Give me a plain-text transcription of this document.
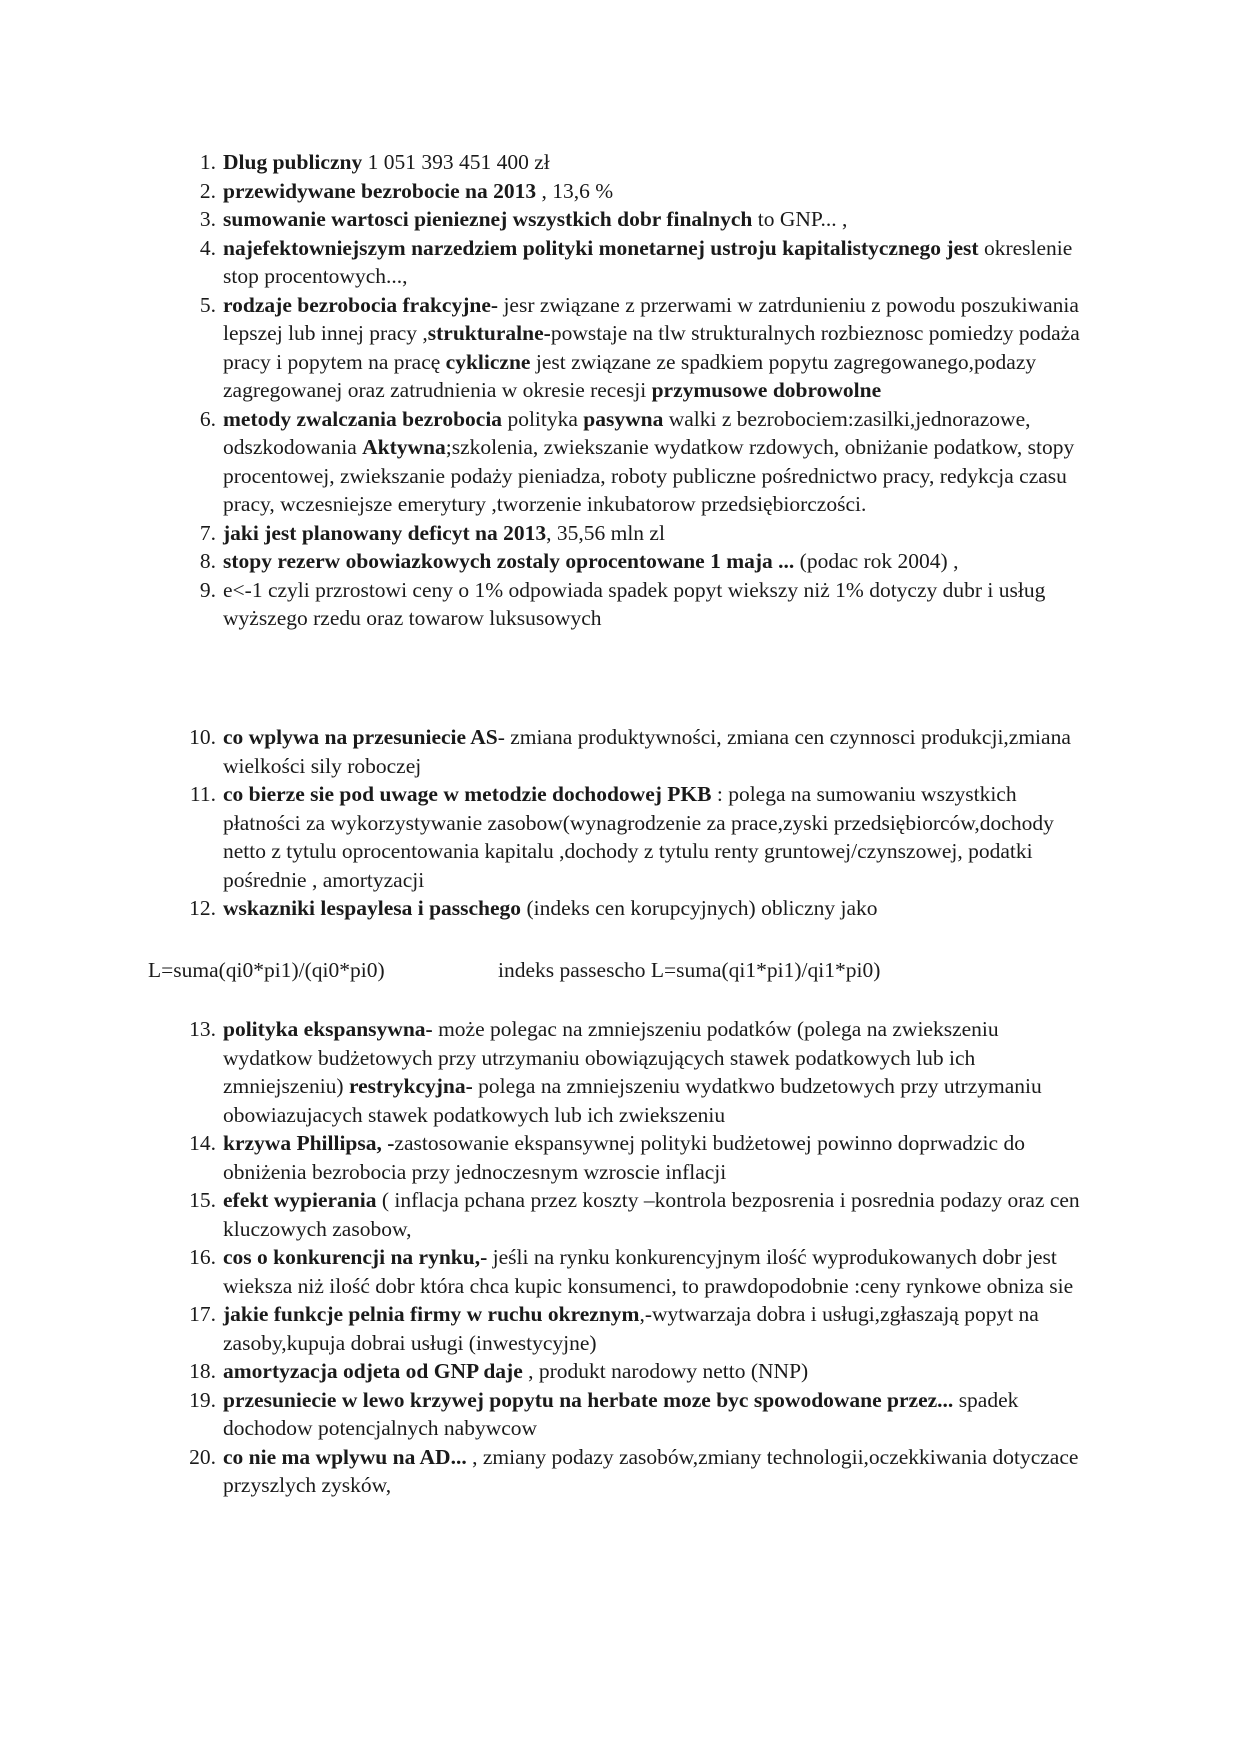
1. Dlug publiczny 1 051 393 451 400 zł
2. przewidywane bezrobocie na 2013 , 13,6 %
3. sumowanie wartosci pienieznej wszystkich dobr finalnych to GNP... ,
4. najefektowniejszym narzedziem polityki monetarnej ustroju kapitalistycznego jest okreslenie stop procentowych...,
5. rodzaje bezrobocia frakcyjne- jesr związane z przerwami w zatrdunieniu z powodu poszukiwania lepszej lub innej pracy ,strukturalne-powstaje na tlw strukturalnych rozbieznosc pomiedzy podaża pracy i popytem na pracę cykliczne jest związane ze spadkiem popytu zagregowanego,podazy zagregowanej oraz zatrudnienia w okresie recesji przymusowe dobrowolne
6. metody zwalczania bezrobocia polityka pasywna walki z bezrobociem:zasilki,jednorazowe, odszkodowania Aktywna;szkolenia, zwiekszanie wydatkow rzdowych, obniżanie podatkow, stopy procentowej, zwiekszanie podaży pieniadza, roboty publiczne pośrednictwo pracy, redykcja czasu pracy, wczesniejsze emerytury ,tworzenie inkubatorow przedsiębiorczości.
7. jaki jest planowany deficyt na 2013, 35,56 mln zl
8. stopy rezerw obowiazkowych zostaly oprocentowane 1 maja ... (podac rok 2004) ,
9. e<-1 czyli przrostowi ceny o 1% odpowiada spadek popyt wiekszy niż 1% dotyczy dubr i usług wyższego rzedu oraz towarow luksusowych
10. co wplywa na przesuniecie AS- zmiana produktywności, zmiana cen czynnosci produkcji,zmiana wielkości sily roboczej
11. co bierze sie pod uwage w metodzie dochodowej PKB : polega na sumowaniu wszystkich płatności za wykorzystywanie zasobow(wynagrodzenie za prace,zyski przedsiębiorców,dochody netto z tytulu oprocentowania kapitalu ,dochody z tytulu renty gruntowej/czynszowej, podatki pośrednie , amortyzacji
12. wskazniki lespaylesa i passchego (indeks cen korupcyjnych) obliczny jako
L=suma(qi0*pi1)/(qi0*pi0)	indeks passescho L=suma(qi1*pi1)/qi1*pi0)
13. polityka ekspansywna- może polegac na zmniejszeniu podatków (polega na zwiekszeniu wydatkow budżetowych przy utrzymaniu obowiązujących stawek podatkowych lub ich zmniejszeniu) restrykcyjna- polega na zmniejszeniu wydatkwo budzetowych przy utrzymaniu obowiazujacych stawek podatkowych lub ich zwiekszeniu
14. krzywa Phillipsa, -zastosowanie ekspansywnej polityki budżetowej powinno doprwadzic do obniżenia bezrobocia przy jednoczesnym wzroscie inflacji
15. efekt wypierania ( inflacja pchana przez koszty –kontrola bezposrenia i posrednia podazy oraz cen kluczowych zasobow,
16. cos o konkurencji na rynku,- jeśli na rynku konkurencyjnym ilość wyprodukowanych dobr jest wieksza niż ilość dobr która chca kupic konsumenci, to prawdopodobnie :ceny rynkowe obniza sie
17. jakie funkcje pelnia firmy w ruchu okreznym,-wytwarzaja dobra i usługi,zgłaszają popyt na zasoby,kupuja dobrai usługi (inwestycyjne)
18. amortyzacja odjeta od GNP daje , produkt narodowy netto (NNP)
19. przesuniecie w lewo krzywej popytu na herbate moze byc spowodowane przez... spadek dochodow potencjalnych nabywcow
20. co nie ma wplywu na AD... , zmiany podazy zasobów,zmiany technologii,oczekkiwania dotyczace przyszlych zysków,
